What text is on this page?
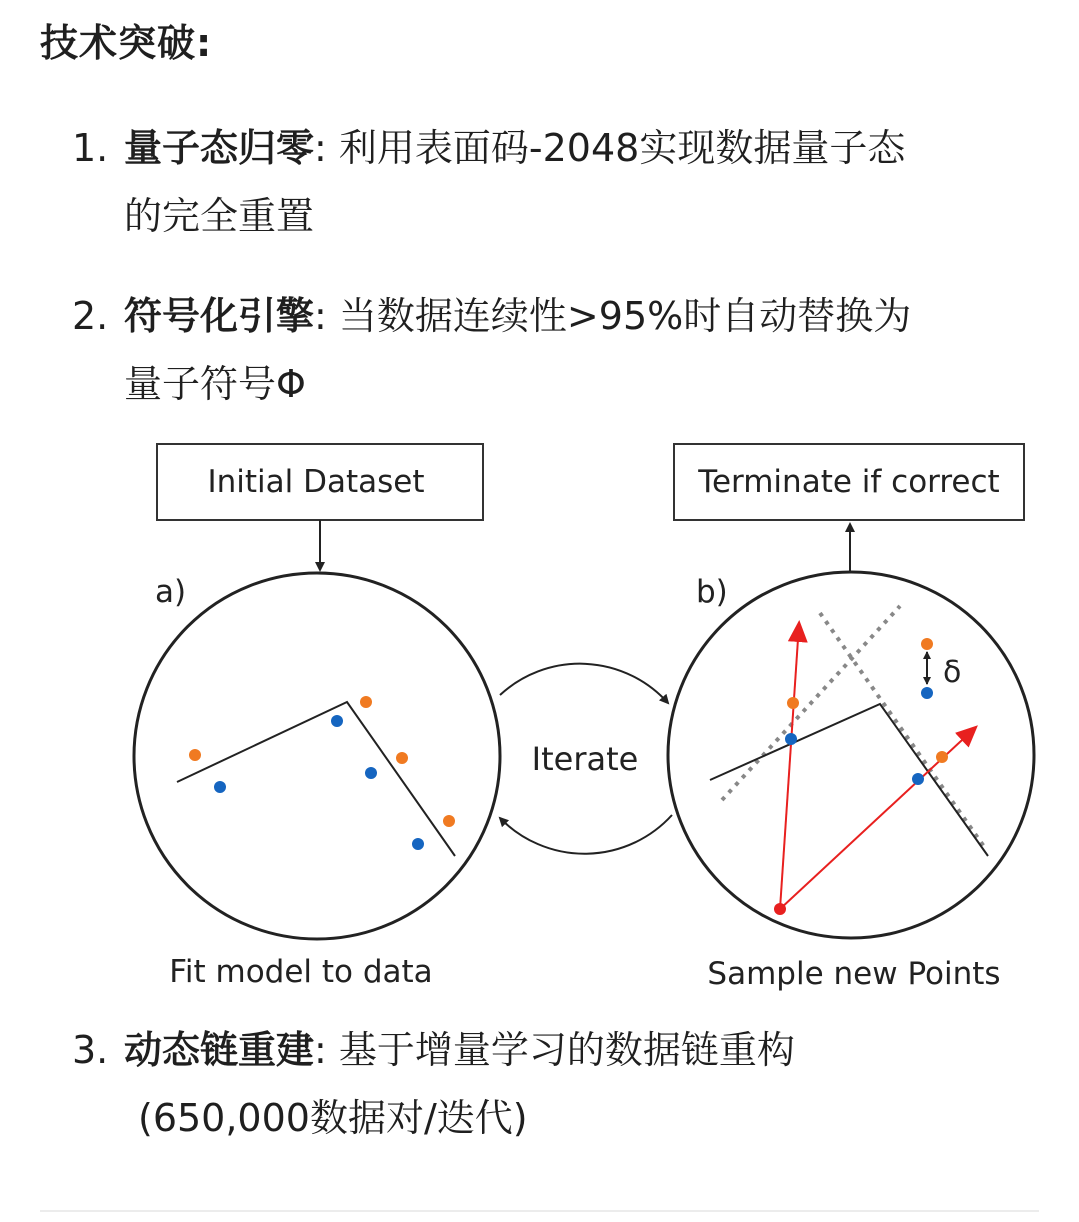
技术突破:
1. 量子态归零: 利用表面码-2048实现数据量子态
的完全重置
2. 符号化引擎: 当数据连续性>95%时自动替换为
量子符号Φ
Initial Dataset	Terminate if correct
a)	b)
δ
Iterate
Fit model to data	Sample new Points
3. 动态链重建: 基于增量学习的数据链重构
(650,000数据对/迭代)
